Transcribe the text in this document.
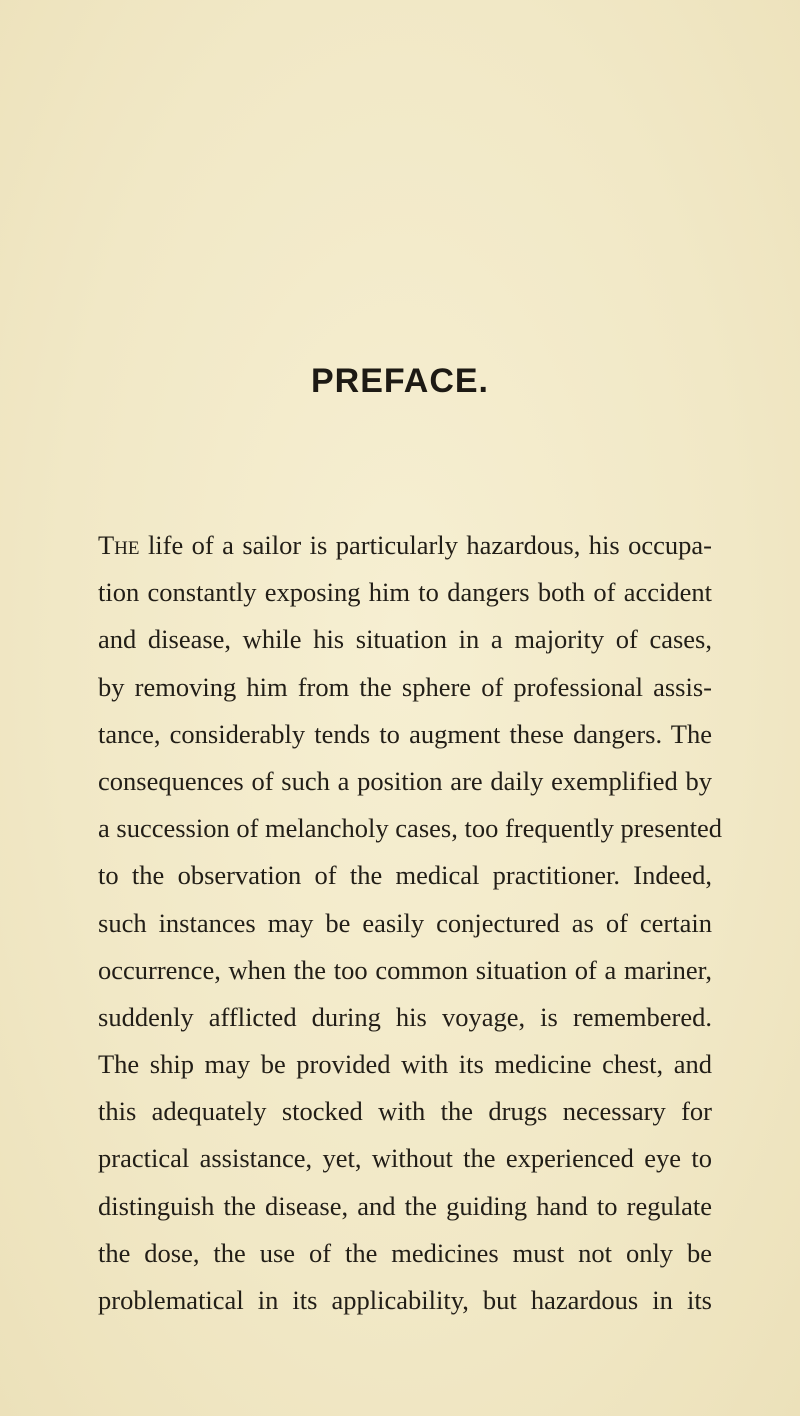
PREFACE.
The life of a sailor is particularly hazardous, his occupa-
tion constantly exposing him to dangers both of accident
and disease, while his situation in a majority of cases,
by removing him from the sphere of professional assis-
tance, considerably tends to augment these dangers. The
consequences of such a position are daily exemplified by
a succession of melancholy cases, too frequently presented
to the observation of the medical practitioner. Indeed,
such instances may be easily conjectured as of certain
occurrence, when the too common situation of a mariner,
suddenly afflicted during his voyage, is remembered.
The ship may be provided with its medicine chest, and
this adequately stocked with the drugs necessary for
practical assistance, yet, without the experienced eye to
distinguish the disease, and the guiding hand to regulate
the dose, the use of the medicines must not only be
problematical in its applicability, but hazardous in its
